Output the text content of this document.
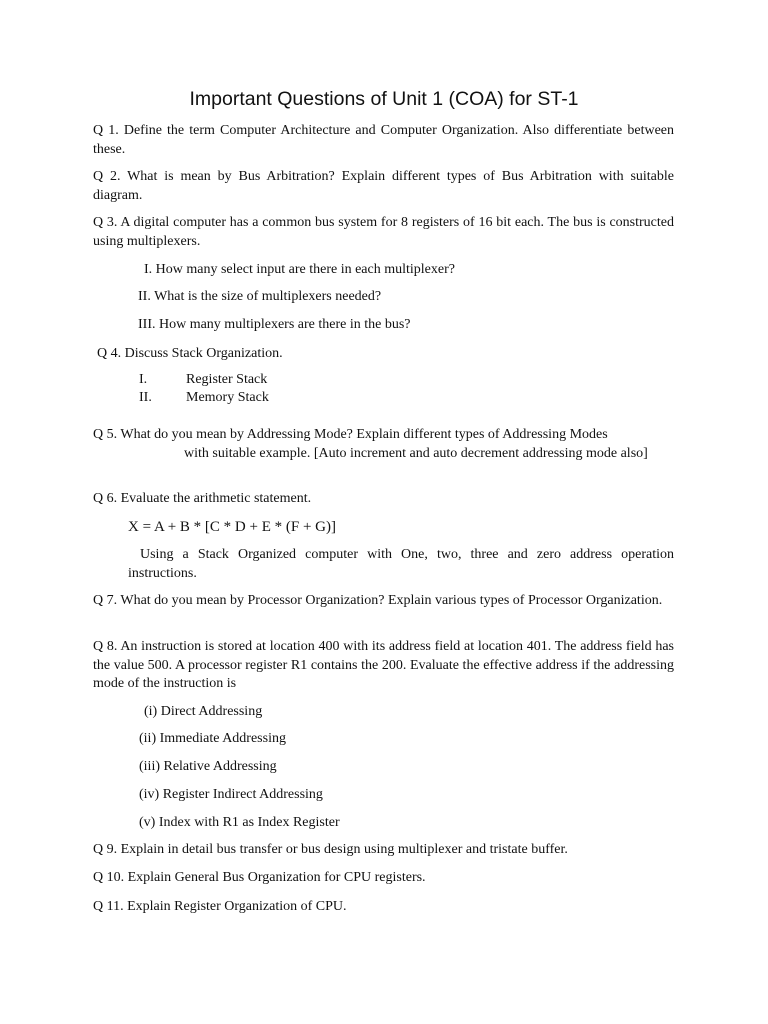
Important Questions of Unit 1 (COA) for ST-1

Q 1. Define the term Computer Architecture and Computer Organization. Also differentiate between these.

Q 2. What is mean by Bus Arbitration? Explain different types of Bus Arbitration with suitable diagram.

Q 3. A digital computer has a common bus system for 8 registers of 16 bit each. The bus is constructed using multiplexers.

I. How many select input are there in each multiplexer?
II. What is the size of multiplexers needed?
III. How many multiplexers are there in the bus?
Q 4. Discuss Stack Organization.
I.	Register Stack
II. Memory Stack
Q 5. What do you mean by Addressing Mode? Explain different types of Addressing Modes
with suitable example. [Auto increment and auto decrement addressing mode also]
Q 6. Evaluate the arithmetic statement.
X = A + B * [C * D + E * (F + G)]

Using a Stack Organized computer with One, two, three and zero address operation instructions.

Q 7. What do you mean by Processor Organization? Explain various types of Processor Organization.

Q 8. An instruction is stored at location 400 with its address field at location 401. The address field has the value 500. A processor register R1 contains the 200. Evaluate the effective address if the addressing mode of the instruction is

(i) Direct Addressing
(ii) Immediate Addressing
(iii) Relative Addressing
(iv) Register Indirect Addressing
(v) Index with R1 as Index Register
Q 9. Explain in detail bus transfer or bus design using multiplexer and tristate buffer.
Q 10. Explain General Bus Organization for CPU registers.
Q 11. Explain Register Organization of CPU.
